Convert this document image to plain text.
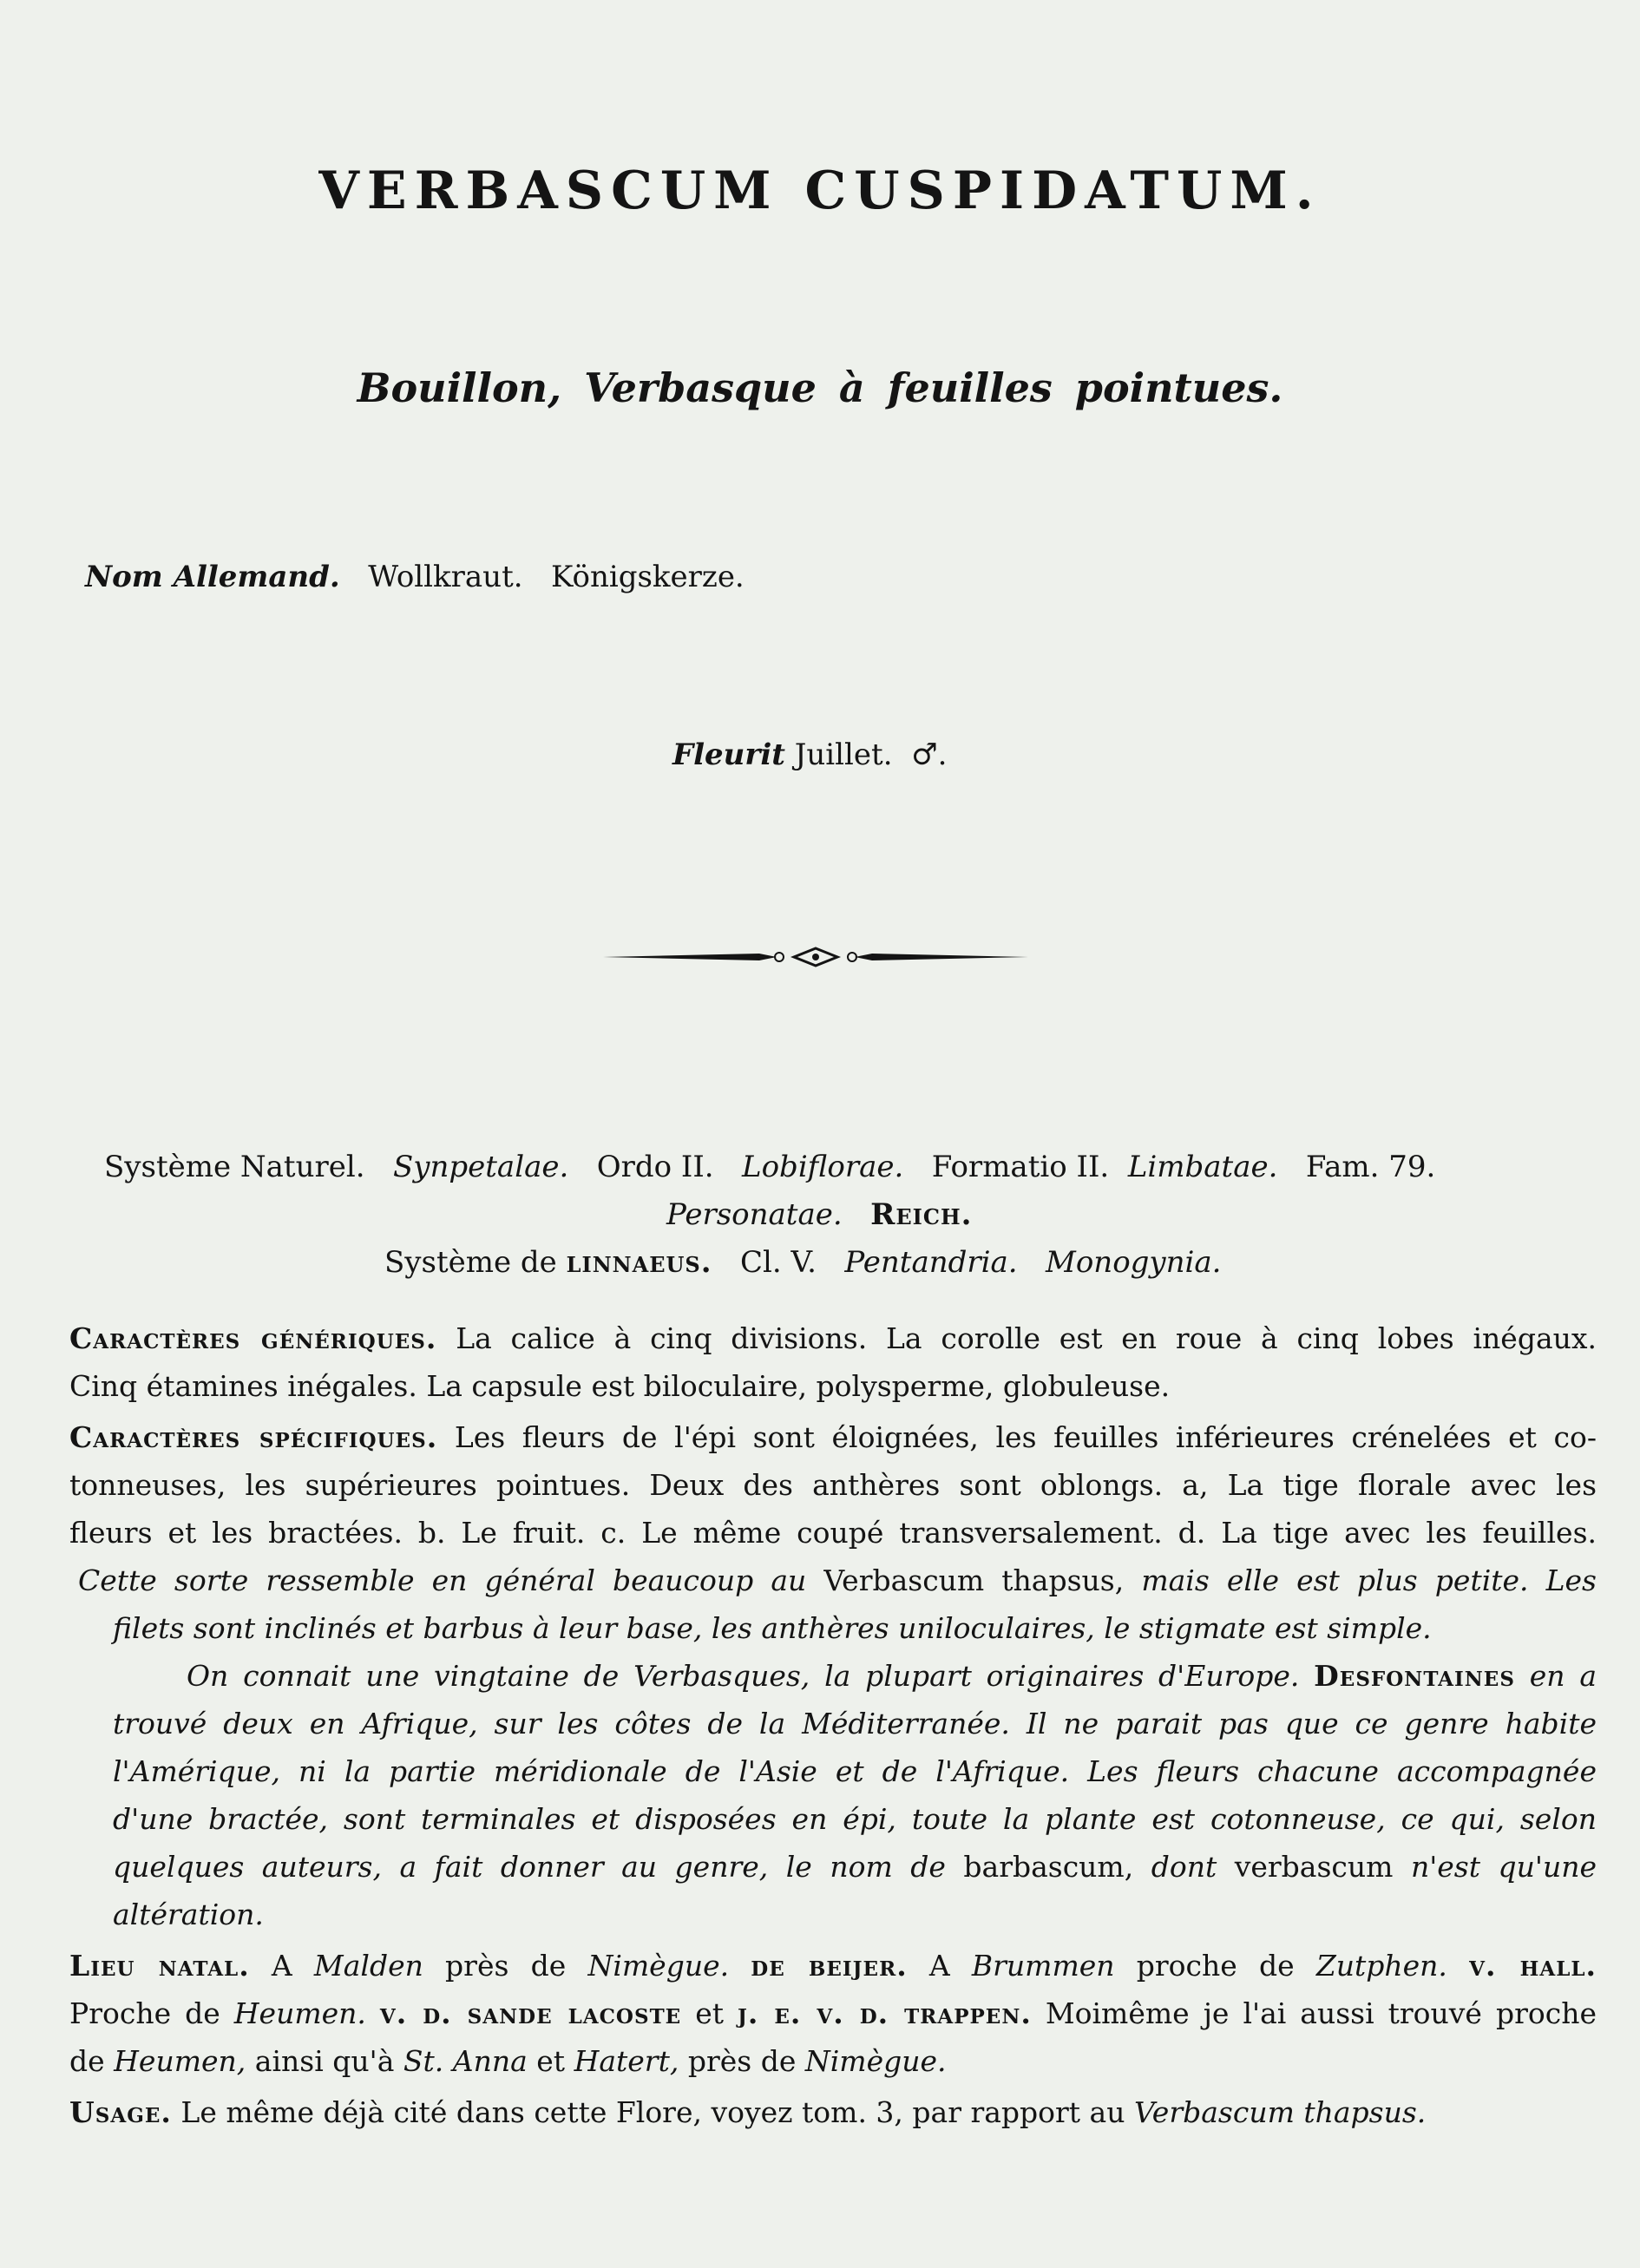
VERBASCUM CUSPIDATUM.
Bouillon, Verbasque à feuilles pointues.
Nom Allemand. Wollkraut. Königskerze.
Fleurit Juillet. ♂.
Système Naturel. Synpetalae. Ordo II. Lobiflorae. Formatio II. Limbatae. Fam. 79.
Personatae. Reich.
Système de linnaeus. Cl. V. Pentandria. Monogynia.

Caractères génériques. La calice à cinq divisions. La corolle est en roue à cinq lobes inégaux.

Cinq étamines inégales. La capsule est biloculaire, polysperme, globuleuse.

Caractères spécifiques. Les fleurs de l'épi sont éloignées, les feuilles inférieures crénelées et co-

tonneuses, les supérieures pointues. Deux des anthères sont oblongs. a, La tige florale avec les

fleurs et les bractées. b. Le fruit. c. Le même coupé transversalement. d. La tige avec les feuilles.

Cette sorte ressemble en général beaucoup au Verbascum thapsus, mais elle est plus petite. Les

filets sont inclinés et barbus à leur base, les anthères uniloculaires, le stigmate est simple.

On connait une vingtaine de Verbasques, la plupart originaires d'Europe. Desfontaines en a

trouvé deux en Afrique, sur les côtes de la Méditerranée. Il ne parait pas que ce genre habite

l'Amérique, ni la partie méridionale de l'Asie et de l'Afrique. Les fleurs chacune accompagnée

d'une bractée, sont terminales et disposées en épi, toute la plante est cotonneuse, ce qui, selon

quelques auteurs, a fait donner au genre, le nom de barbascum, dont verbascum n'est qu'une

altération.

Lieu natal. A Malden près de Nimègue. de beijer. A Brummen proche de Zutphen. v. hall.

Proche de Heumen. v. d. sande lacoste et j. e. v. d. trappen. Moimême je l'ai aussi trouvé proche

de Heumen, ainsi qu'à St. Anna et Hatert, près de Nimègue.

Usage. Le même déjà cité dans cette Flore, voyez tom. 3, par rapport au Verbascum thapsus.
